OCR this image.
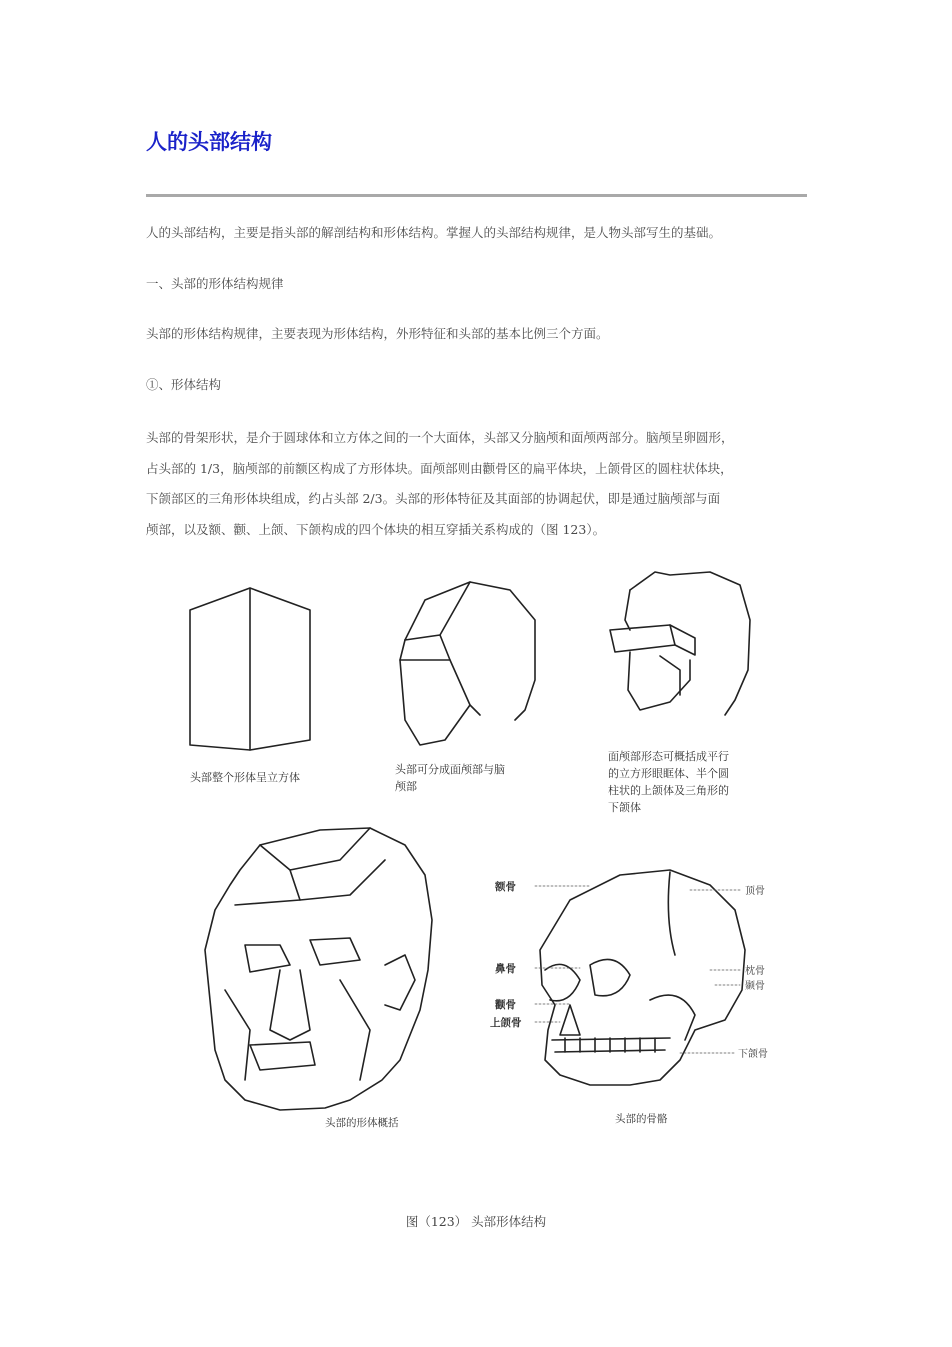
人的头部结构

人的头部结构，主要是指头部的解剖结构和形体结构。掌握人的头部结构规律，是人物头部写生的基础。

一、头部的形体结构规律

头部的形体结构规律，主要表现为形体结构，外形特征和头部的基本比例三个方面。

①、形体结构

头部的骨架形状，是介于圆球体和立方体之间的一个大面体，头部又分脑颅和面颅两部分。脑颅呈卵圆形，
占头部的 1/3，脑颅部的前额区构成了方形体块。面颅部则由颧骨区的扁平体块，上颌骨区的圆柱状体块，
下颌部区的三角形体块组成，约占头部 2/3。头部的形体特征及其面部的协调起伏，即是通过脑颅部与面
颅部，以及额、颧、上颌、下颌构成的四个体块的相互穿插关系构成的（图 123）。
头部整个形体呈立方体
头部可分成面颅部与脑
颅部
面颅部形态可概括成平行
的立方形眼眶体、半个圆
柱状的上颌体及三角形的
下颌体
头部的形体概括	头部的骨骼
额骨
鼻骨
颧骨
上颌骨
顶骨
枕骨
颞骨
下颌骨

图（123） 头部形体结构
